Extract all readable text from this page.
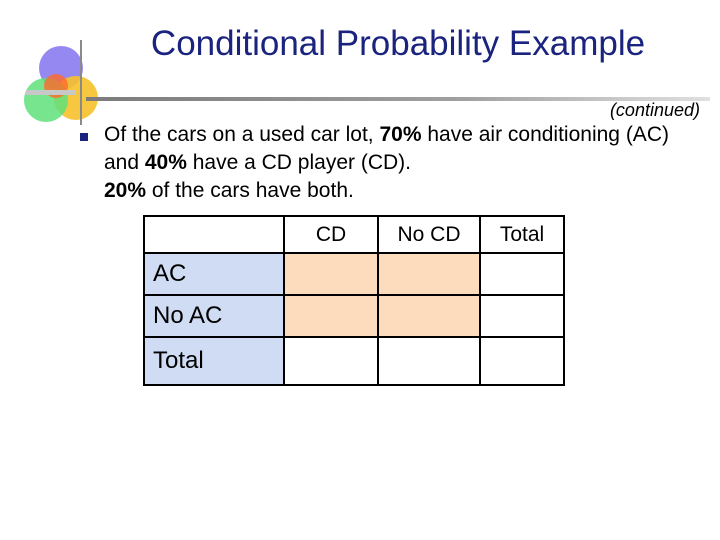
Conditional Probability Example
(continued)
Of the cars on a used car lot, 70% have air conditioning (AC) and 40% have a CD player (CD).
20% of the cars have both.
	CD	No CD	Total
AC			
No AC			
Total			
